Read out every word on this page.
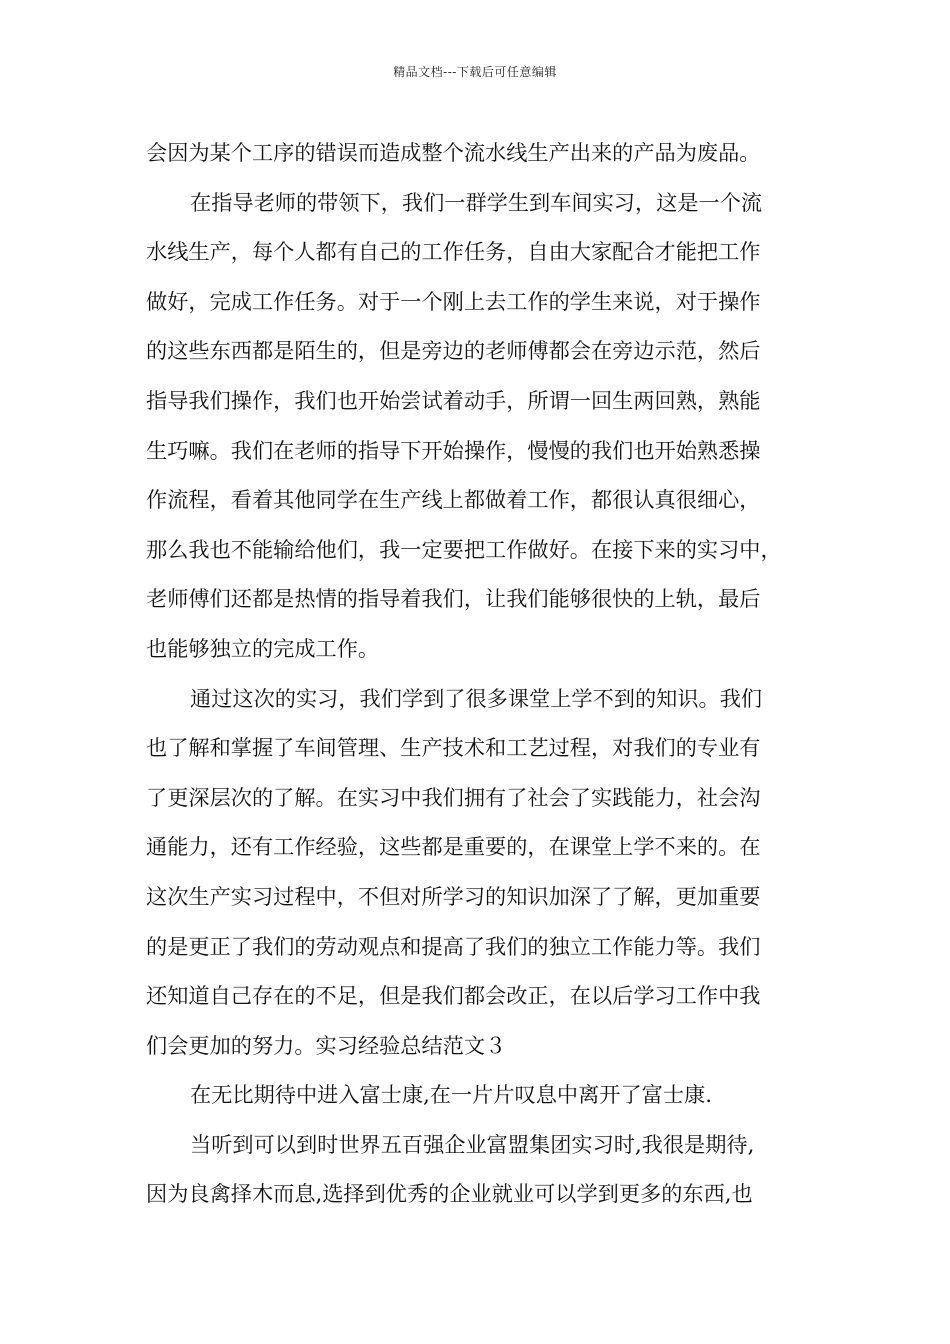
精品文档---下载后可任意编辑
会因为某个工序的错误而造成整个流水线生产出来的产品为废品。
在指导老师的带领下，我们一群学生到车间实习，这是一个流
水线生产，每个人都有自己的工作任务，自由大家配合才能把工作
做好，完成工作任务。对于一个刚上去工作的学生来说，对于操作
的这些东西都是陌生的，但是旁边的老师傅都会在旁边示范，然后
指导我们操作，我们也开始尝试着动手，所谓一回生两回熟，熟能
生巧嘛。我们在老师的指导下开始操作，慢慢的我们也开始熟悉操
作流程，看着其他同学在生产线上都做着工作，都很认真很细心，
那么我也不能输给他们，我一定要把工作做好。在接下来的实习中，
老师傅们还都是热情的指导着我们，让我们能够很快的上轨，最后
也能够独立的完成工作。
通过这次的实习，我们学到了很多课堂上学不到的知识。我们
也了解和掌握了车间管理、生产技术和工艺过程，对我们的专业有
了更深层次的了解。在实习中我们拥有了社会了实践能力，社会沟
通能力，还有工作经验，这些都是重要的，在课堂上学不来的。在
这次生产实习过程中，不但对所学习的知识加深了了解，更加重要
的是更正了我们的劳动观点和提高了我们的独立工作能力等。我们
还知道自己存在的不足，但是我们都会改正，在以后学习工作中我
们会更加的努力。实习经验总结范文３
在无比期待中进入富士康,在一片片叹息中离开了富士康.
当听到可以到时世界五百强企业富盟集团实习时,我很是期待,
因为良禽择木而息,选择到优秀的企业就业可以学到更多的东西,也
